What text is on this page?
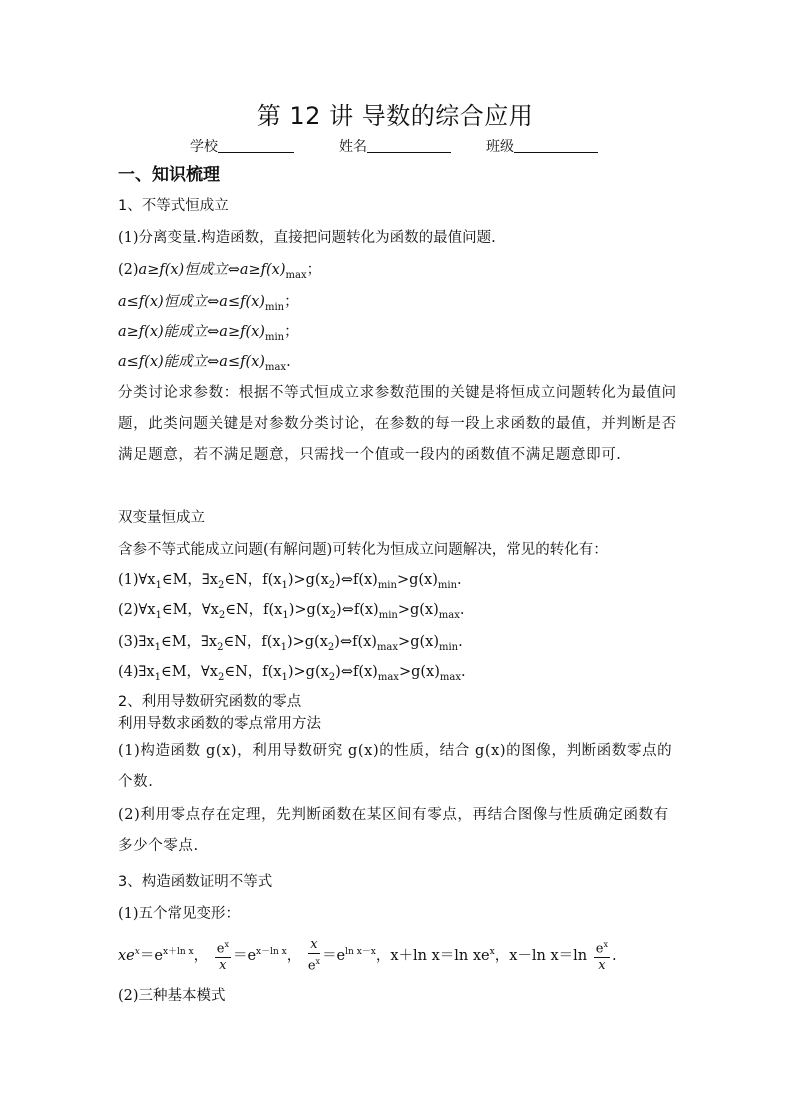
第 12 讲 导数的综合应用
学校	姓名	班级
一、知识梳理
1、不等式恒成立
(1)分离变量.构造函数，直接把问题转化为函数的最值问题.
(2)a≥f(x)恒成立$\Leftrightarrow a\ge f(x)_{max}$；
a≤f(x)恒成立$\Leftrightarrow a\le f(x)_{min}$；
a≥f(x)能成立$\Leftrightarrow a\ge f(x)_{min}$；
a≤f(x)能成立$\Leftrightarrow a\le f(x)_{max}$.
分类讨论求参数：根据不等式恒成立求参数范围的关键是将恒成立问题转化为最值问题，此类问题关键是对参数分类讨论，在参数的每一段上求函数的最值，并判断是否满足题意，若不满足题意，只需找一个值或一段内的函数值不满足题意即可.
双变量恒成立
含参不等式能成立问题(有解问题)可转化为恒成立问题解决，常见的转化有：
$(1)\forall x_1\in M$，$\exists x_2\in N$，$f(x_1)>g(x_2)\Leftrightarrow f(x)_{min}>g(x)_{min}$.
$(2)\forall x_1\in M$，$\forall x_2\in N$，$f(x_1)>g(x_2)\Leftrightarrow f(x)_{min}>g(x)_{max}$.
$(3)\exists x_1\in M$，$\exists x_2\in N$，$f(x_1)>g(x_2)\Leftrightarrow f(x)_{max}>g(x)_{min}$.
$(4)\exists x_1\in M$，$\forall x_2\in N$，$f(x_1)>g(x_2)\Leftrightarrow f(x)_{max}>g(x)_{max}$.
2、利用导数研究函数的零点
利用导数求函数的零点常用方法
(1)构造函数 g(x)，利用导数研究 g(x)的性质，结合 g(x)的图像，判断函数零点的个数.
(2)利用零点存在定理，先判断函数在某区间有零点，再结合图像与性质确定函数有多少个零点.
3、构造函数证明不等式
(1)五个常见变形：
$xe^x=e^{x+ln x}$， $\frac{e^x}{x} =e^{x-ln x}$， $\frac{x}{e^x} =e^{ln x-x}$，x＋ln x＝ln $xe^x$，x－ln $x=\ln \frac{e^x}{x}$ .
(2)三种基本模式
